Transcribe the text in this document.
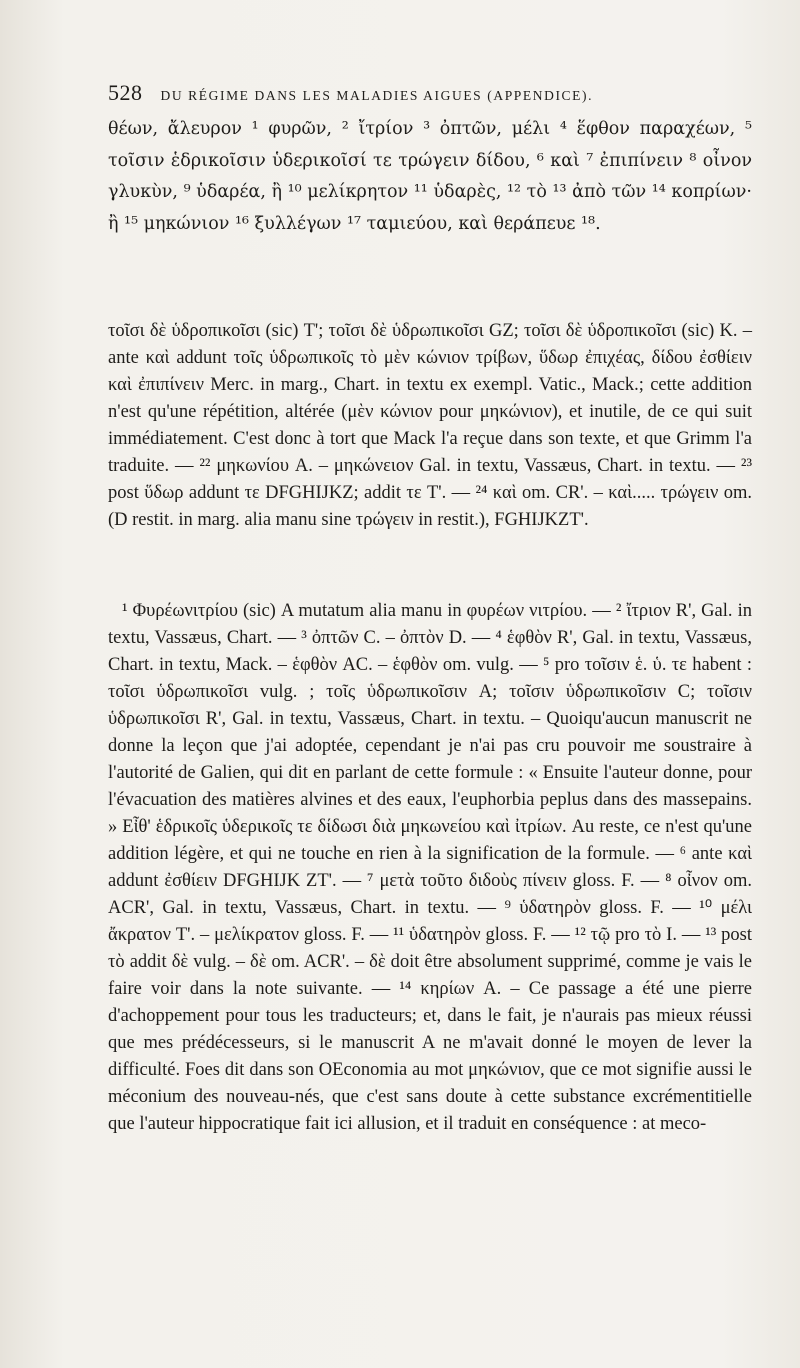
528 DU RÉGIME DANS LES MALADIES AIGUES (APPENDICE).

θέων, ἄλευρον ¹ φυρῶν, ² ἴτρίον ³ ὀπτῶν, μέλι ⁴ ἕφθον παραχέων, ⁵ τοῖσιν ἑδρικοῖσιν ὑδερικοῖσί τε τρώγειν δίδου, ⁶ καὶ ⁷ ἐπιπίνειν ⁸ οἶνον γλυκὺν, ⁹ ὑδαρέα, ἢ ¹⁰ μελίκρητον ¹¹ ὑδαρὲς, ¹² τὸ ¹³ ἀπὸ τῶν ¹⁴ κοπρίων· ἢ ¹⁵ μηκώνιον ¹⁶ ξυλλέγων ¹⁷ ταμιεύου, καὶ θεράπευε ¹⁸.

τοῖσι δὲ ὑδροπικοῖσι (sic) T'; τοῖσι δὲ ὑδρωπικοῖσι GZ; τοῖσι δὲ ὑδροπικοῖσι (sic) K. – ante καὶ addunt τοῖς ὑδρωπικοῖς τὸ μὲν κώνιον τρίβων, ὕδωρ ἐπιχέας, δίδου ἐσθίειν καὶ ἐπιπίνειν Merc. in marg., Chart. in textu ex exempl. Vatic., Mack.; cette addition n'est qu'une répétition, altérée (μὲν κώνιον pour μηκώνιον), et inutile, de ce qui suit immédiatement. C'est donc à tort que Mack l'a reçue dans son texte, et que Grimm l'a traduite. — ²² μηκωνίου A. – μηκώνειον Gal. in textu, Vassæus, Chart. in textu. — ²³ post ὕδωρ addunt τε DFGHIJKZ; addit τε T'. — ²⁴ καὶ om. CR'. – καὶ..... τρώγειν om. (D restit. in marg. alia manu sine τρώγειν in restit.), FGHIJKZT'.

¹ Φυρέωνιτρίου (sic) A mutatum alia manu in φυρέων νιτρίου. — ² ἴτριον R', Gal. in textu, Vassæus, Chart. — ³ ὀπτῶν C. – ὀπτὸν D. — ⁴ ἑφθὸν R', Gal. in textu, Vassæus, Chart. in textu, Mack. – ἑφθὸν AC. – ἑφθὸν om. vulg. — ⁵ pro τοῖσιν ἑ. ὑ. τε habent : τοῖσι ὑδρωπικοῖσι vulg. ; τοῖς ὑδρωπικοῖσιν A; τοῖσιν ὑδρωπικοῖσιν C; τοῖσιν ὑδρωπικοῖσι R', Gal. in textu, Vassæus, Chart. in textu. – Quoiqu'aucun manuscrit ne donne la leçon que j'ai adoptée, cependant je n'ai pas cru pouvoir me soustraire à l'autorité de Galien, qui dit en parlant de cette formule : « Ensuite l'auteur donne, pour l'évacuation des matières alvines et des eaux, l'euphorbia peplus dans des massepains. » Εἶθ' ἑδρικοῖς ὑδερικοῖς τε δίδωσι διὰ μηκωνείου καὶ ἰτρίων. Au reste, ce n'est qu'une addition légère, et qui ne touche en rien à la signification de la formule. — ⁶ ante καὶ addunt ἐσθίειν DFGHIJK ZT'. — ⁷ μετὰ τοῦτο διδοὺς πίνειν gloss. F. — ⁸ οἶνον om. ACR', Gal. in textu, Vassæus, Chart. in textu. — ⁹ ὑδατηρὸν gloss. F. — ¹⁰ μέλι ἄκρατον T'. – μελίκρατον gloss. F. — ¹¹ ὑδατηρὸν gloss. F. — ¹² τῷ pro τὸ I. — ¹³ post τὸ addit δὲ vulg. – δὲ om. ACR'. – δὲ doit être absolument supprimé, comme je vais le faire voir dans la note suivante. — ¹⁴ κηρίων A. – Ce passage a été une pierre d'achoppement pour tous les traducteurs; et, dans le fait, je n'aurais pas mieux réussi que mes prédécesseurs, si le manuscrit A ne m'avait donné le moyen de lever la difficulté. Foes dit dans son OEconomia au mot μηκώνιον, que ce mot signifie aussi le méconium des nouveau-nés, que c'est sans doute à cette substance excrémentitielle que l'auteur hippocratique fait ici allusion, et il traduit en conséquence : at meco-
